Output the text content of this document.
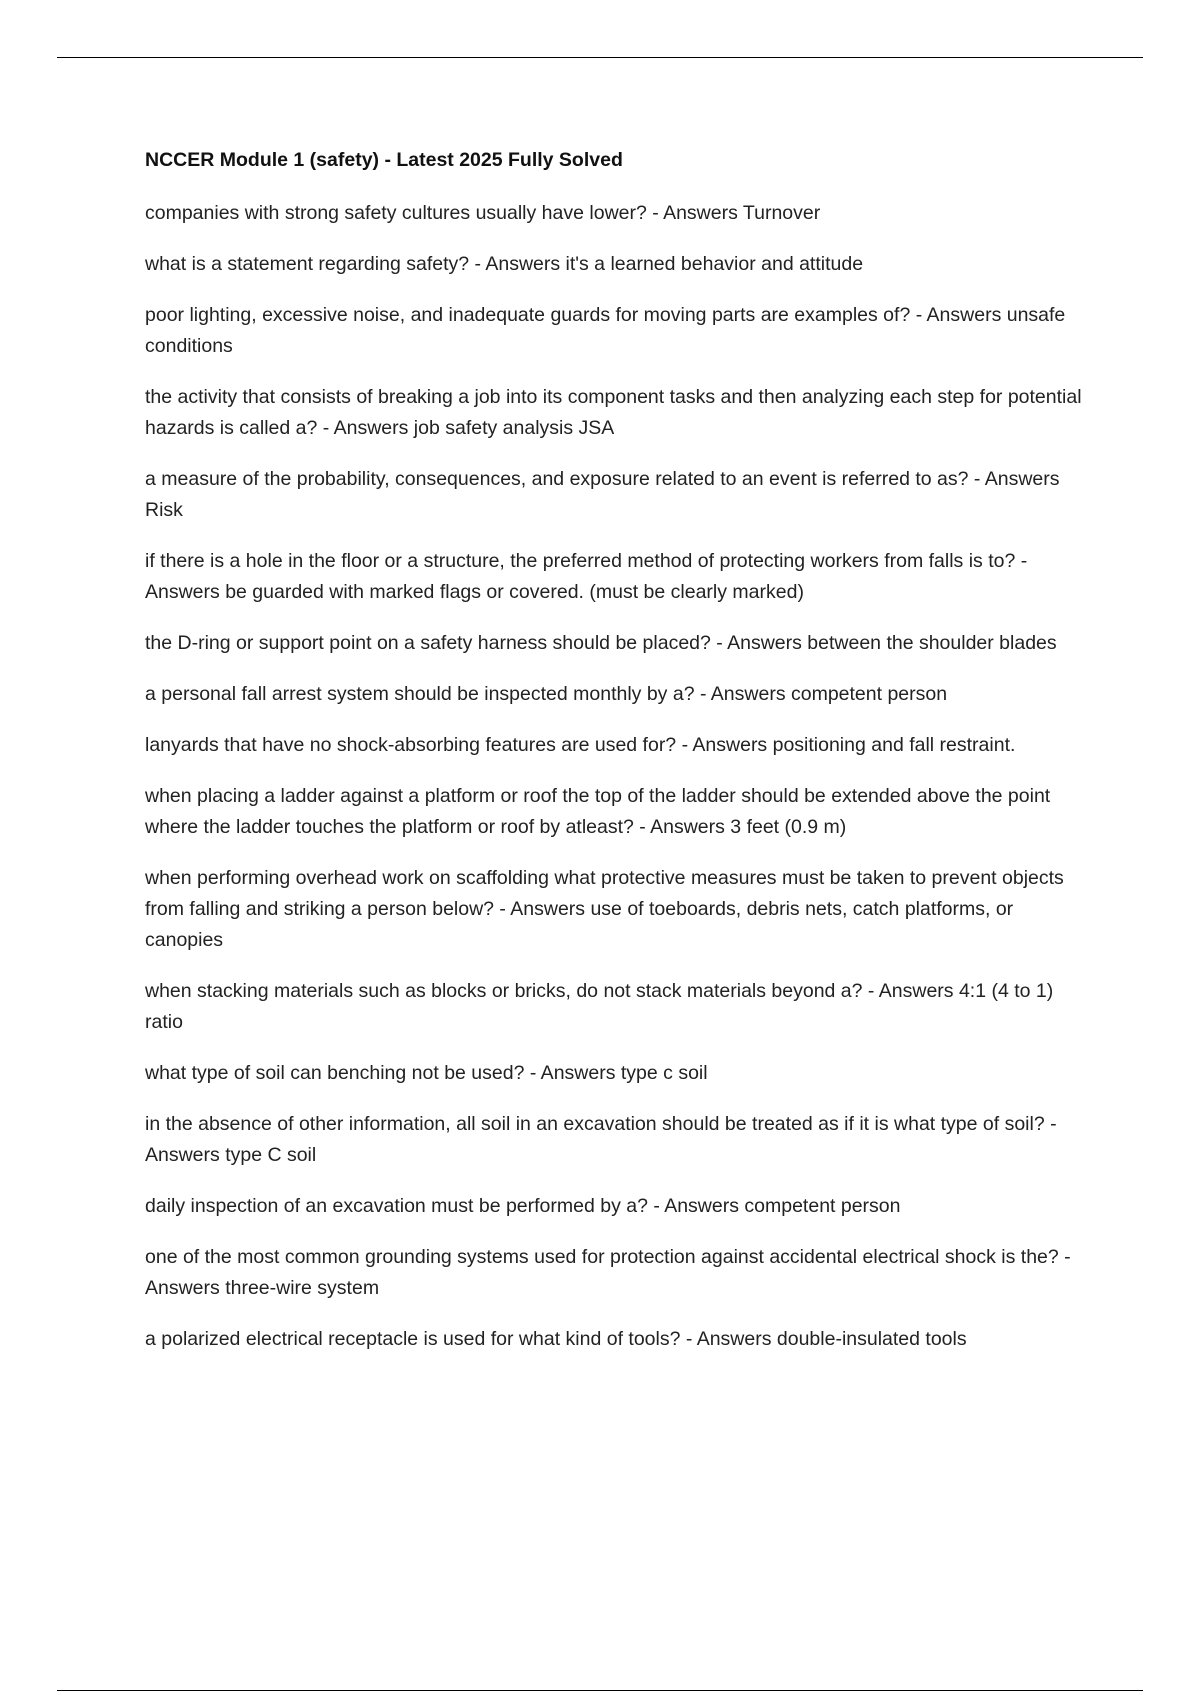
NCCER Module 1 (safety) - Latest 2025 Fully Solved
companies with strong safety cultures usually have lower? - Answers Turnover
what is a statement regarding safety? - Answers it's a learned behavior and attitude
poor lighting, excessive noise, and inadequate guards for moving parts are examples of? - Answers unsafe conditions
the activity that consists of breaking a job into its component tasks and then analyzing each step for potential hazards is called a? - Answers job safety analysis JSA
a measure of the probability, consequences, and exposure related to an event is referred to as? - Answers Risk
if there is a hole in the floor or a structure, the preferred method of protecting workers from falls is to? - Answers be guarded with marked flags or covered. (must be clearly marked)
the D-ring or support point on a safety harness should be placed? - Answers between the shoulder blades
a personal fall arrest system should be inspected monthly by a? - Answers competent person
lanyards that have no shock-absorbing features are used for? - Answers positioning and fall restraint.
when placing a ladder against a platform or roof the top of the ladder should be extended above the point where the ladder touches the platform or roof by atleast? - Answers 3 feet (0.9 m)
when performing overhead work on scaffolding what protective measures must be taken to prevent objects from falling and striking a person below? - Answers use of toeboards, debris nets, catch platforms, or canopies
when stacking materials such as blocks or bricks, do not stack materials beyond a? - Answers 4:1 (4 to 1) ratio
what type of soil can benching not be used? - Answers type c soil
in the absence of other information, all soil in an excavation should be treated as if it is what type of soil? - Answers type C soil
daily inspection of an excavation must be performed by a? - Answers competent person
one of the most common grounding systems used for protection against accidental electrical shock is the? - Answers three-wire system
a polarized electrical receptacle is used for what kind of tools? - Answers double-insulated tools
